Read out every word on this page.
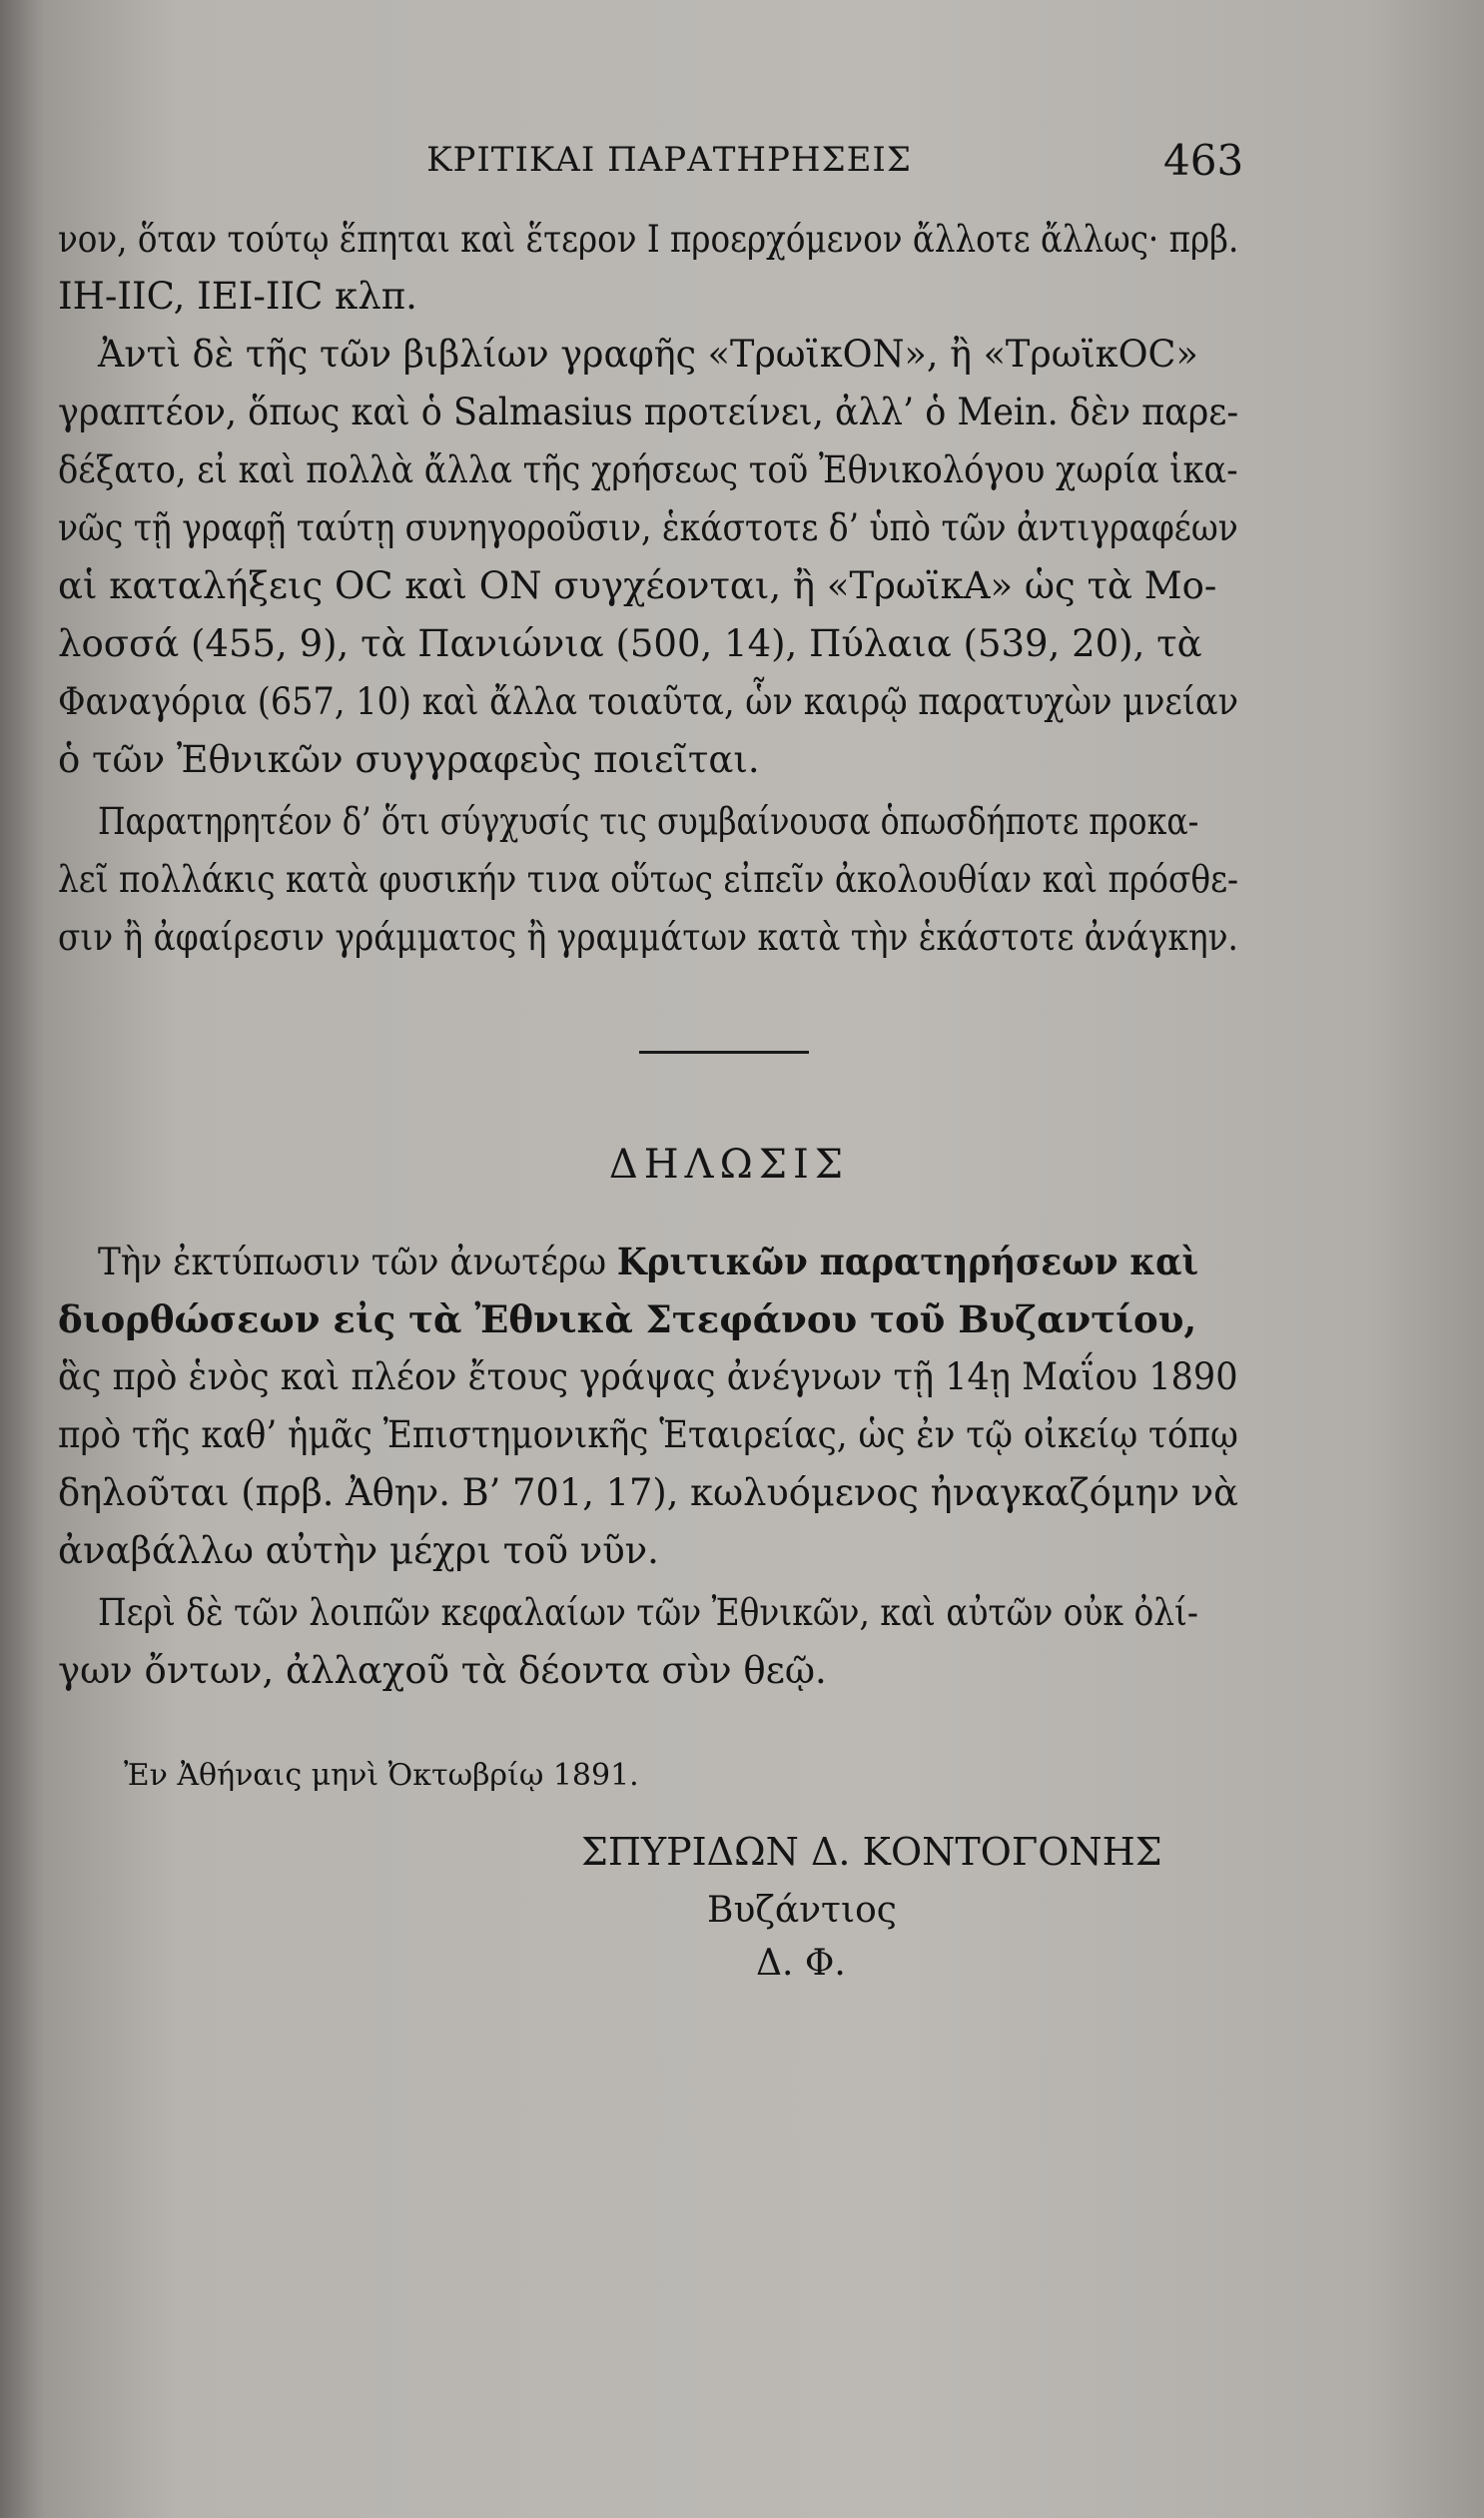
ΚΡΙΤΙΚΑΙ ΠΑΡΑΤΗΡΗΣΕΙΣ	463
νον, ὅταν τούτῳ ἕπηται καὶ ἕτερον Ι προερχόμενον ἄλλοτε ἄλλως· πρβ.
ΙΗ-ΙΙC, ΙΕΙ-ΙΙC κλπ.
Ἀντὶ δὲ τῆς τῶν βιβλίων γραφῆς «ΤρωϊκΟΝ», ἢ «ΤρωϊκΟC»
γραπτέον, ὅπως καὶ ὁ Salmasius προτείνει, ἀλλ’ ὁ Mein. δὲν παρε-
δέξατο, εἰ καὶ πολλὰ ἄλλα τῆς χρήσεως τοῦ Ἐθνικολόγου χωρία ἱκα-
νῶς τῇ γραφῇ ταύτῃ συνηγοροῦσιν, ἑκάστοτε δ’ ὑπὸ τῶν ἀντιγραφέων
αἱ καταλήξεις ΟC καὶ ΟΝ συγχέονται, ἢ «ΤρωϊκΑ» ὡς τὰ Μο-
λοσσά (455, 9), τὰ Πανιώνια (500, 14), Πύλαια (539, 20), τὰ
Φαναγόρια (657, 10) καὶ ἄλλα τοιαῦτα, ὧν καιρῷ παρατυχὼν μνείαν
ὁ τῶν Ἐθνικῶν συγγραφεὺς ποιεῖται.
Παρατηρητέον δ’ ὅτι σύγχυσίς τις συμβαίνουσα ὁπωσδήποτε προκα-
λεῖ πολλάκις κατὰ φυσικήν τινα οὕτως εἰπεῖν ἀκολουθίαν καὶ πρόσθε-
σιν ἢ ἀφαίρεσιν γράμματος ἢ γραμμάτων κατὰ τὴν ἑκάστοτε ἀνάγκην.
ΔΗΛΩΣΙΣ
Τὴν ἐκτύπωσιν τῶν ἀνωτέρω Κριτικῶν παρατηρήσεων καὶ
διορθώσεων εἰς τὰ Ἐθνικὰ Στεφάνου τοῦ Βυζαντίου,
ἃς πρὸ ἑνὸς καὶ πλέον ἔτους γράψας ἀνέγνων τῇ 14ῃ Μαΐου 1890
πρὸ τῆς καθ’ ἡμᾶς Ἐπιστημονικῆς Ἑταιρείας, ὡς ἐν τῷ οἰκείῳ τόπῳ
δηλοῦται (πρβ. Ἀθην. Β’ 701, 17), κωλυόμενος ἠναγκαζόμην νὰ
ἀναβάλλω αὐτὴν μέχρι τοῦ νῦν.
Περὶ δὲ τῶν λοιπῶν κεφαλαίων τῶν Ἐθνικῶν, καὶ αὐτῶν οὐκ ὀλί-
γων ὄντων, ἀλλαχοῦ τὰ δέοντα σὺν θεῷ.
Ἐν Ἀθήναις μηνὶ Ὀκτωβρίῳ 1891.
ΣΠΥΡΙΔΩΝ Δ. ΚΟΝΤΟΓΟΝΗΣ
Βυζάντιος
Δ. Φ.
